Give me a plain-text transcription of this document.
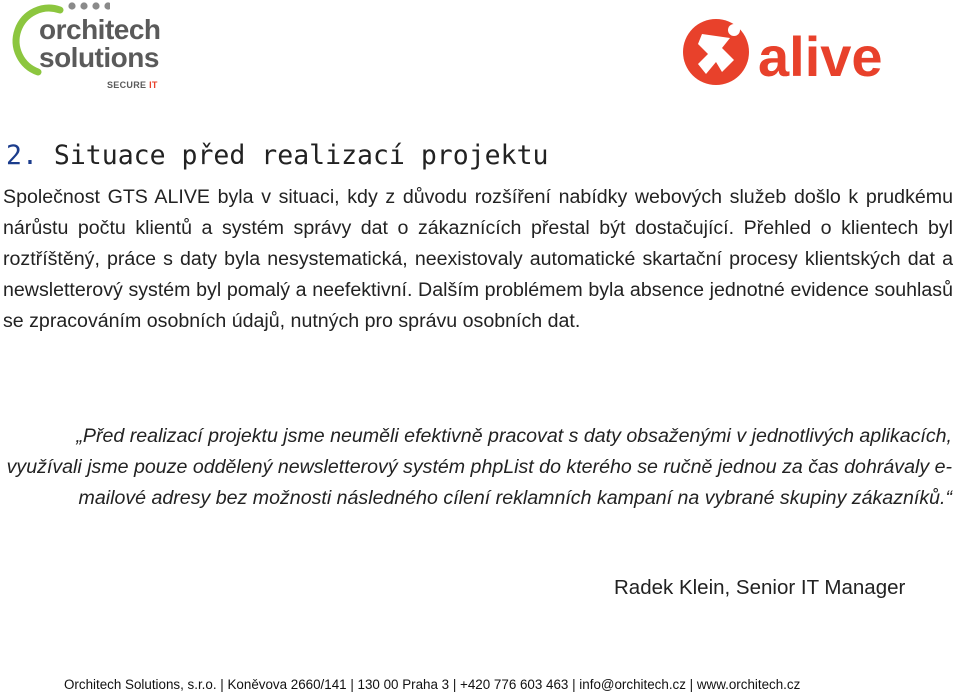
orchitech
solutions
SECURE IT	alive
2. Situace před realizací projektu

Společnost GTS ALIVE byla v situaci, kdy z důvodu rozšíření nabídky webových služeb došlo k prudkému nárůstu počtu klientů a systém správy dat o zákaznících přestal být dostačující. Přehled o klientech byl roztříštěný, práce s daty byla nesystematická, neexistovaly automatické skartační procesy klientských dat a newsletterový systém byl pomalý a neefektivní. Dalším problémem byla absence jednotné evidence souhlasů se zpracováním osobních údajů, nutných pro správu osobních dat.

„Před realizací projektu jsme neuměli efektivně pracovat s daty obsaženými v jednotlivých aplikacích, využívali jsme pouze oddělený newsletterový systém phpList do kterého se ručně jednou za čas dohrávaly e-mailové adresy bez možnosti následného cílení reklamních kampaní na vybrané skupiny zákazníků.“

Radek Klein, Senior IT Manager
Orchitech Solutions, s.r.o. | Koněvova 2660/141 | 130 00 Praha 3 | +420 776 603 463 | info@orchitech.cz | www.orchitech.cz
